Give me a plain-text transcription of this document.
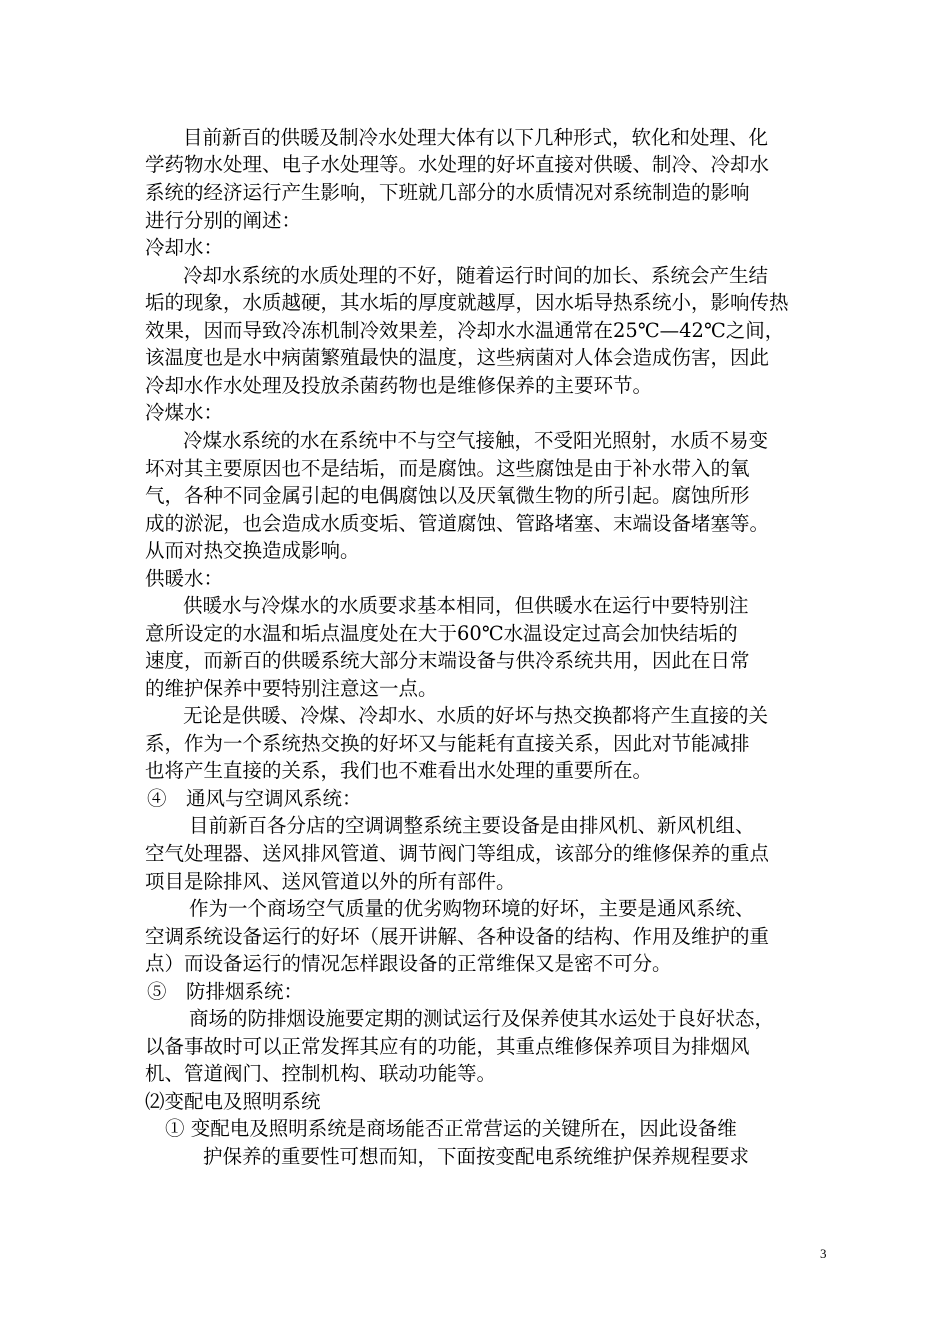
目前新百的供暖及制冷水处理大体有以下几种形式，软化和处理、化
学药物水处理、电子水处理等。水处理的好坏直接对供暖、制冷、冷却水
系统的经济运行产生影响，下班就几部分的水质情况对系统制造的影响
进行分别的阐述：
冷却水：
冷却水系统的水质处理的不好，随着运行时间的加长、系统会产生结
垢的现象，水质越硬，其水垢的厚度就越厚，因水垢导热系统小，影响传热
效果，因而导致冷冻机制冷效果差，冷却水水温通常在25℃—42℃之间，
该温度也是水中病菌繁殖最快的温度，这些病菌对人体会造成伤害，因此
冷却水作水处理及投放杀菌药物也是维修保养的主要环节。
冷煤水：
冷煤水系统的水在系统中不与空气接触，不受阳光照射，水质不易变
坏对其主要原因也不是结垢，而是腐蚀。这些腐蚀是由于补水带入的氧
气，各种不同金属引起的电偶腐蚀以及厌氧微生物的所引起。腐蚀所形
成的淤泥，也会造成水质变垢、管道腐蚀、管路堵塞、末端设备堵塞等。
从而对热交换造成影响。
供暖水：
供暖水与冷煤水的水质要求基本相同，但供暖水在运行中要特别注
意所设定的水温和垢点温度处在大于60℃水温设定过高会加快结垢的
速度，而新百的供暖系统大部分末端设备与供冷系统共用，因此在日常
的维护保养中要特别注意这一点。
无论是供暖、冷煤、冷却水、水质的好坏与热交换都将产生直接的关
系，作为一个系统热交换的好坏又与能耗有直接关系，因此对节能减排
也将产生直接的关系，我们也不难看出水处理的重要所在。
④　通风与空调风系统：
目前新百各分店的空调调整系统主要设备是由排风机、新风机组、
空气处理器、送风排风管道、调节阀门等组成，该部分的维修保养的重点
项目是除排风、送风管道以外的所有部件。
作为一个商场空气质量的优劣购物环境的好坏，主要是通风系统、
空调系统设备运行的好坏（展开讲解、各种设备的结构、作用及维护的重
点）而设备运行的情况怎样跟设备的正常维保又是密不可分。
⑤　防排烟系统：
商场的防排烟设施要定期的测试运行及保养使其水运处于良好状态，
以备事故时可以正常发挥其应有的功能，其重点维修保养项目为排烟风
机、管道阀门、控制机构、联动功能等。
⑵变配电及照明系统
① 变配电及照明系统是商场能否正常营运的关键所在，因此设备维
护保养的重要性可想而知，下面按变配电系统维护保养规程要求
3
